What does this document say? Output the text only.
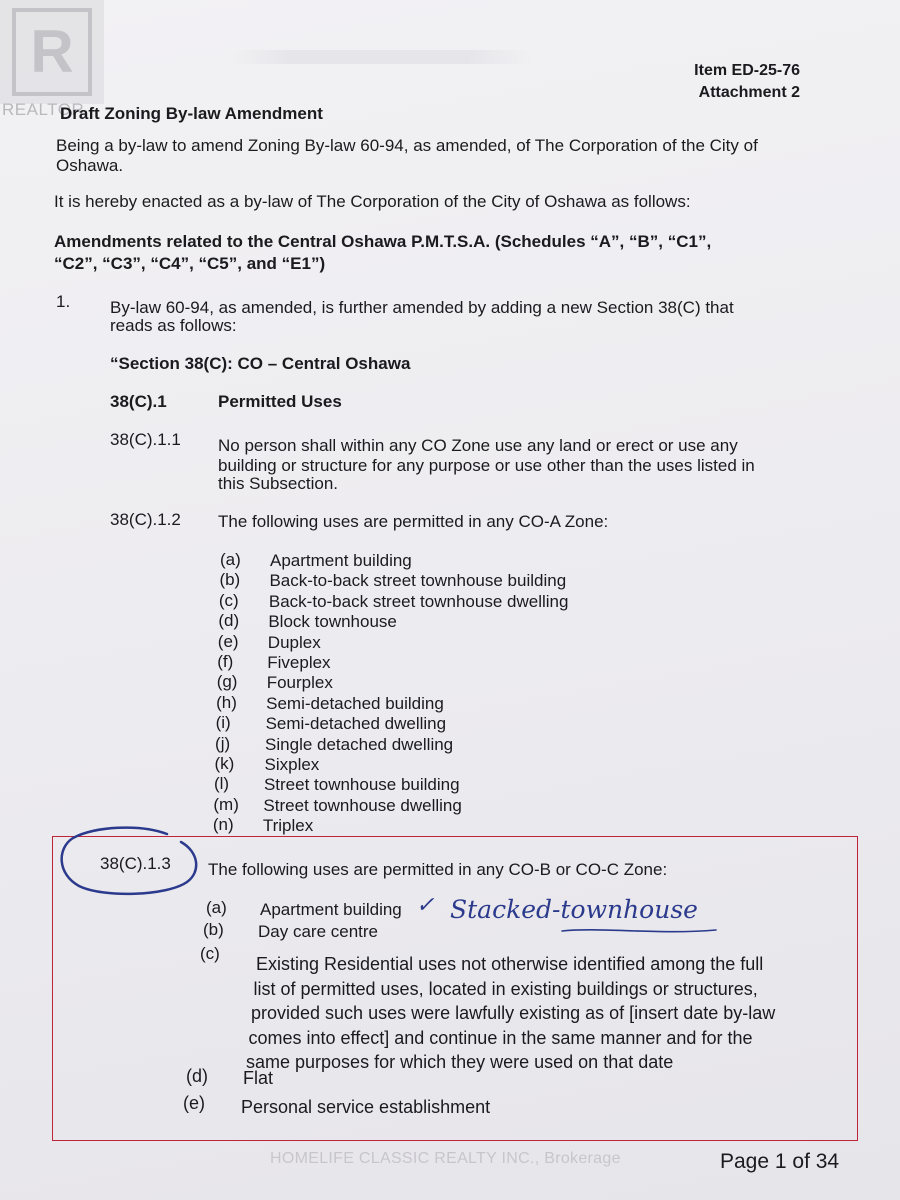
R
REALTOR
Item ED-25-76
Attachment 2
Draft Zoning By-law Amendment
Being a by-law to amend Zoning By-law 60-94, as amended, of The Corporation of the City of
Oshawa.
It is hereby enacted as a by-law of The Corporation of the City of Oshawa as follows:
Amendments related to the Central Oshawa P.M.T.S.A. (Schedules “A”, “B”, “C1”,
“C2”, “C3”, “C4”, “C5”, and “E1”)
1. By-law 60-94, as amended, is further amended by adding a new Section 38(C) that
reads as follows:
“Section 38(C): CO – Central Oshawa
38(C).1	Permitted Uses
38(C).1.1 No person shall within any CO Zone use any land or erect or use any
building or structure for any purpose or use other than the uses listed in
this Subsection.
38(C).1.2 The following uses are permitted in any CO-A Zone:
(a) Apartment building
(b) Back-to-back street townhouse building
(c) Back-to-back street townhouse dwelling
(d) Block townhouse
(e) Duplex
(f) Fiveplex
(g) Fourplex
(h) Semi-detached building
(i) Semi-detached dwelling
(j) Single detached dwelling
(k) Sixplex
(l) Street townhouse building
(m) Street townhouse dwelling
(n) Triplex
38(C).1.3 The following uses are permitted in any CO-B or CO-C Zone:
(a) Apartment building ✓ Stacked-townhouse
(b) Day care centre
(c)
Existing Residential uses not otherwise identified among the full
list of permitted uses, located in existing buildings or structures,
provided such uses were lawfully existing as of [insert date by-law
comes into effect] and continue in the same manner and for the
same purposes for which they were used on that date
(d) Flat
(e) Personal service establishment
HOMELIFE CLASSIC REALTY INC., Brokerage	Page 1 of 34
